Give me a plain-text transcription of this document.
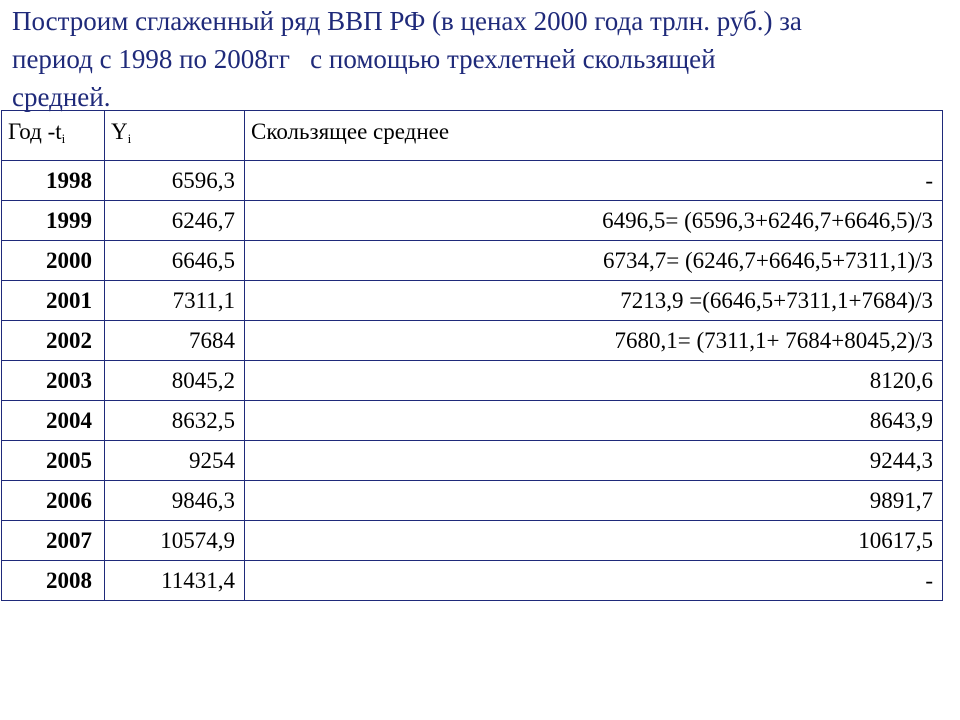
Построим сглаженный ряд ВВП РФ (в ценах 2000 года трлн. руб.) за
период с 1998 по 2008гг   с помощью трехлетней скользящей
средней.
Год $-t_i$	$Y_i$	Скользящее среднее
1998	6596,3	-
1999	6246,7	6496,5= (6596,3+6246,7+6646,5)/3
2000	6646,5	6734,7= (6246,7+6646,5+7311,1)/3
2001	7311,1	7213,9 =(6646,5+7311,1+7684)/3
2002	7684	7680,1= (7311,1+ 7684+8045,2)/3
2003	8045,2	8120,6
2004	8632,5	8643,9
2005	9254	9244,3
2006	9846,3	9891,7
2007	10574,9	10617,5
2008	11431,4	-
